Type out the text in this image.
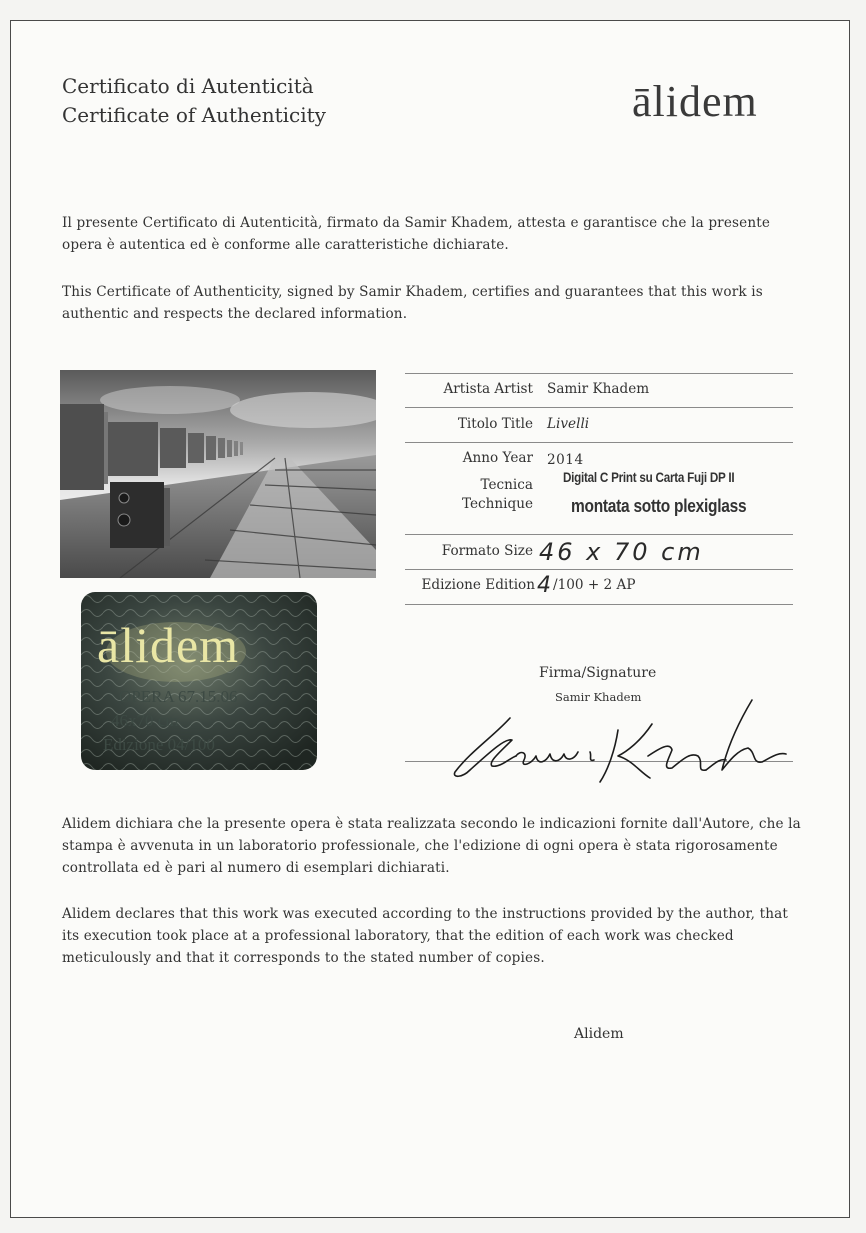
Certificato di Autenticità
Certificate of Authenticity	ālidem
Il presente Certificato di Autenticità, firmato da Samir Khadem, attesta e garantisce che la presente opera è autentica ed è conforme alle caratteristiche dichiarate.
This Certificate of Authenticity, signed by Samir Khadem, certifies and guarantees that this work is authentic and respects the declared information.
ālidem
OPERA 67.15.06
46x70 cm
Edizione 04/100
Artista Artist Samir Khadem
Titolo Title Livelli
Anno Year 2014
Tecnica
Technique
Digital C Print su Carta Fuji DP II
montata sotto plexiglass
Formato Size 46 x 70 cm
Edizione Edition 4 /100 + 2 AP
Firma/Signature
Samir Khadem
Alidem dichiara che la presente opera è stata realizzata secondo le indicazioni fornite dall'Autore, che la stampa è avvenuta in un laboratorio professionale, che l'edizione di ogni opera è stata rigorosamente controllata ed è pari al numero di esemplari dichiarati.
Alidem declares that this work was executed according to the instructions provided by the author, that its execution took place at a professional laboratory, that the edition of each work was checked meticulously and that it corresponds to the stated number of copies.
Alidem
